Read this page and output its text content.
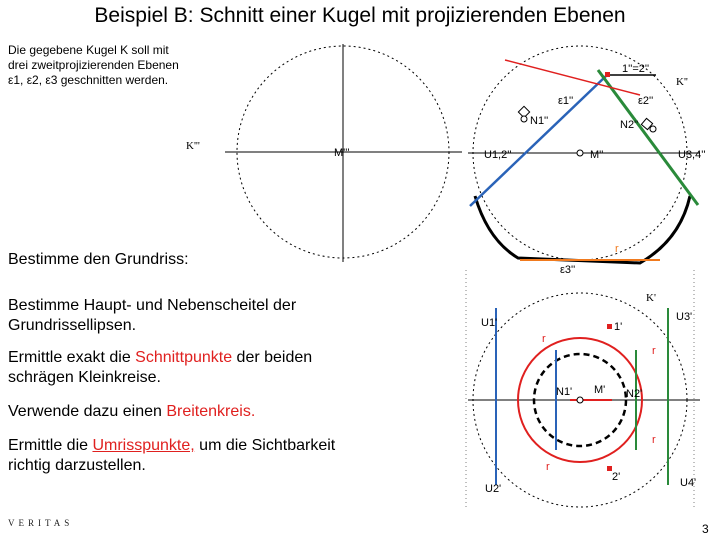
Beispiel B: Schnitt einer Kugel mit projizierenden Ebenen
Die gegebene Kugel K soll mit
drei zweitprojizierenden Ebenen
ε1, ε2, ε3 geschnitten werden.
Bestimme den Grundriss:
Bestimme Haupt- und Nebenscheitel der
Grundrissellipsen.
Ermittle exakt die Schnittpunkte der beiden
schrägen Kleinkreise.
Verwende dazu einen Breitenkreis.
Ermittle die Umrisspunkte, um die Sichtbarkeit
richtig darzustellen.
K'''
M'''
K''
M''
1''=2''
ε1''	ε2''
ε3''
N1''	N2''
U1,2''	U3,4''
r
K'
U1'
U2'
U3'
U4'
1'
2'
M'
N1'	N2'
r
r
r
r
VERITAS	3
